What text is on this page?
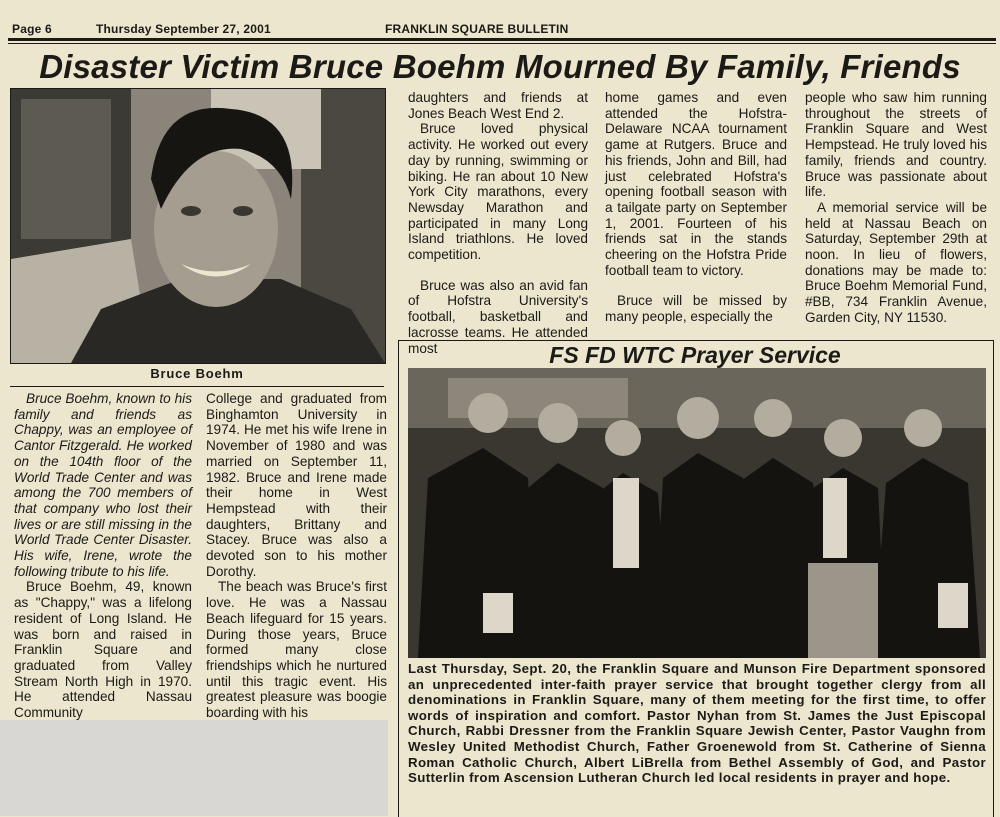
Page 6	Thursday September 27, 2001	FRANKLIN SQUARE BULLETIN
Disaster Victim Bruce Boehm Mourned By Family, Friends
Bruce Boehm

Bruce Boehm, known to his family and friends as Chappy, was an employee of Cantor Fitzgerald. He worked on the 104th floor of the World Trade Center and was among the 700 members of that company who lost their lives or are still missing in the World Trade Center Disaster. His wife, Irene, wrote the following tribute to his life.

Bruce Boehm, 49, known as "Chappy," was a lifelong resident of Long Island. He was born and raised in Franklin Square and graduated from Valley Stream North High in 1970. He attended Nassau Community

College and graduated from Binghamton University in 1974. He met his wife Irene in November of 1980 and was married on September 11, 1982. Bruce and Irene made their home in West Hempstead with their daughters, Brittany and Stacey. Bruce was also a devoted son to his mother Dorothy.

The beach was Bruce's first love. He was a Nassau Beach lifeguard for 15 years. During those years, Bruce formed many close friendships which he nurtured until this tragic event. His greatest pleasure was boogie boarding with his

daughters and friends at Jones Beach West End 2.

Bruce loved physical activity. He worked out every day by running, swimming or biking. He ran about 10 New York City marathons, every Newsday Marathon and participated in many Long Island triathlons. He loved competition.

Bruce was also an avid fan of Hofstra University's football, basketball and lacrosse teams. He attended most

home games and even attended the Hofstra-Delaware NCAA tournament game at Rutgers. Bruce and his friends, John and Bill, had just celebrated Hofstra's opening football season with a tailgate party on September 1, 2001. Fourteen of his friends sat in the stands cheering on the Hofstra Pride football team to victory.

Bruce will be missed by many people, especially the

people who saw him running throughout the streets of Franklin Square and West Hempstead. He truly loved his family, friends and country. Bruce was passionate about life.

A memorial service will be held at Nassau Beach on Saturday, September 29th at noon. In lieu of flowers, donations may be made to: Bruce Boehm Memorial Fund, #BB, 734 Franklin Avenue, Garden City, NY 11530.

FS FD WTC Prayer Service
Last Thursday, Sept. 20, the Franklin Square and Munson Fire Department sponsored an unprecedented inter-faith prayer service that brought together clergy from all denominations in Franklin Square, many of them meeting for the first time, to offer words of inspiration and comfort. Pastor Nyhan from St. James the Just Episcopal Church, Rabbi Dressner from the Franklin Square Jewish Center, Pastor Vaughn from Wesley United Methodist Church, Father Groenewold from St. Catherine of Sienna Roman Catholic Church, Albert LiBrella from Bethel Assembly of God, and Pastor Sutterlin from Ascension Lutheran Church led local residents in prayer and hope.
